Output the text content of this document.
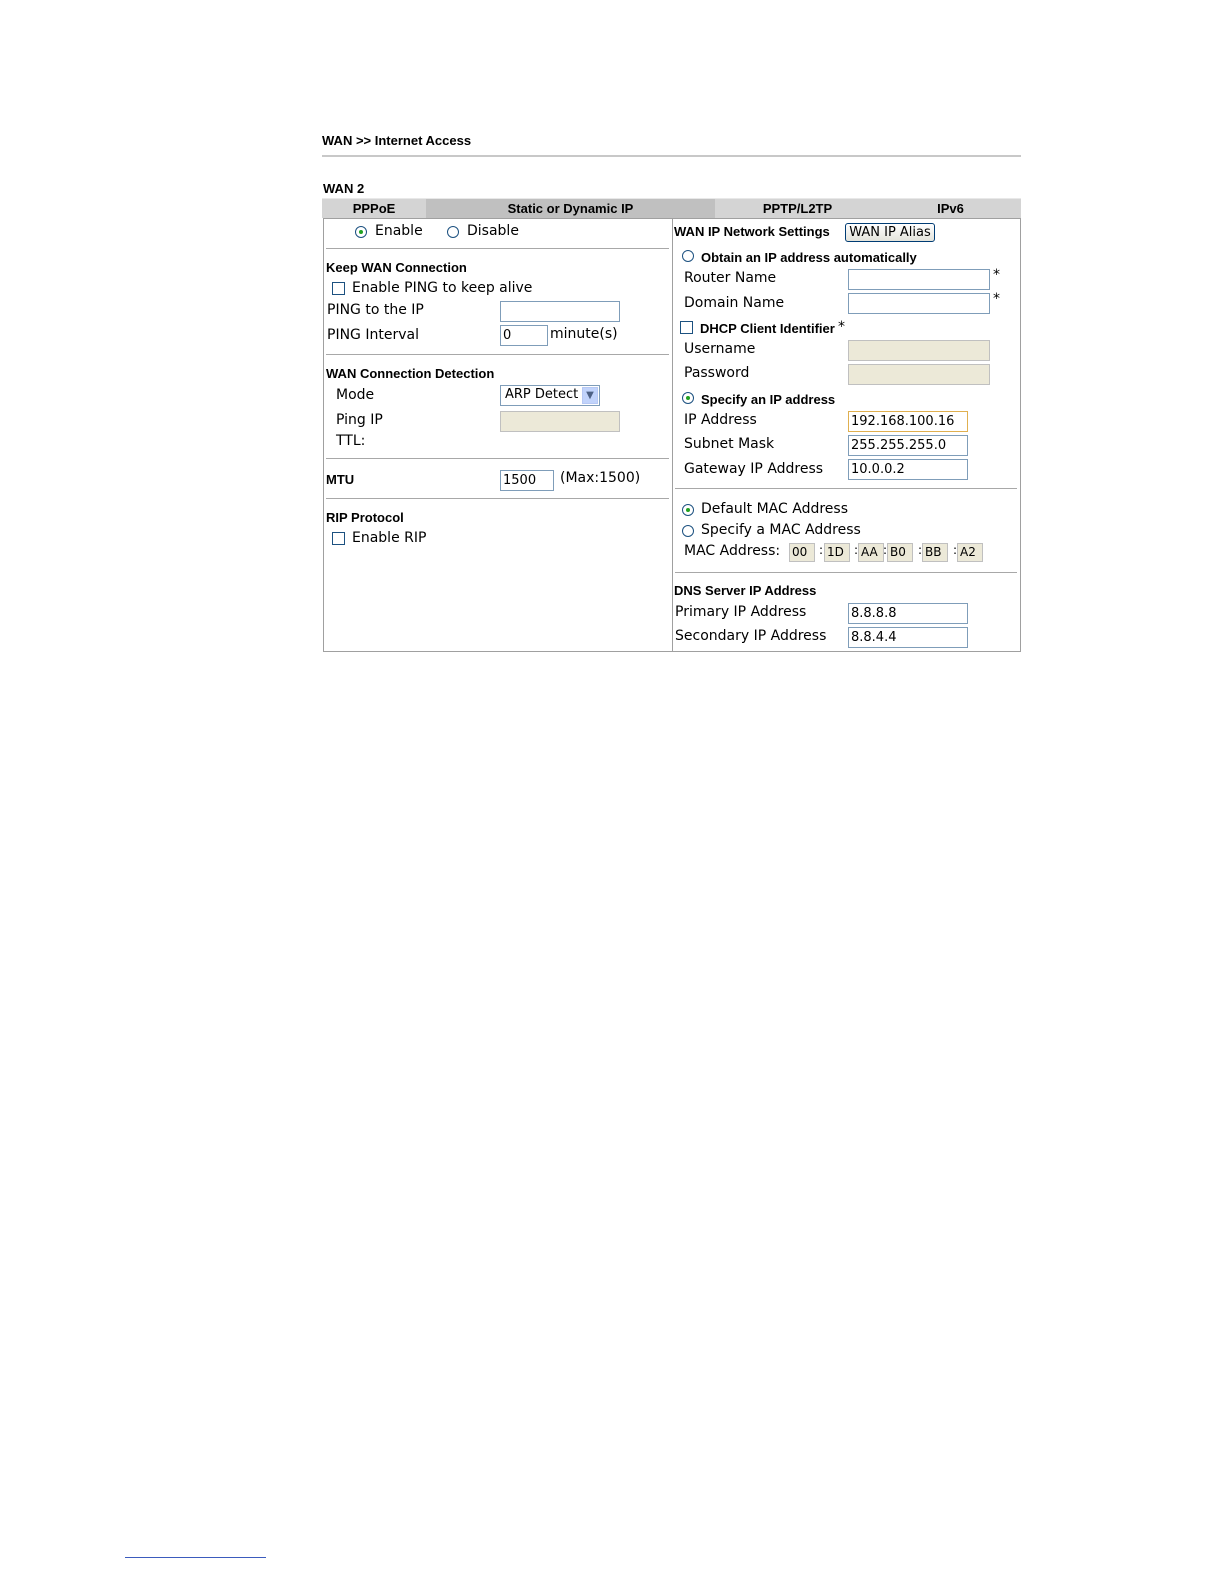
WAN >> Internet Access
WAN 2
PPPoE	Static or Dynamic IP	PPTP/L2TP	IPv6
Enable	Disable
Keep WAN Connection
Enable PING to keep alive
PING to the IP
PING Interval	0	minute(s)
WAN Connection Detection
Mode	ARP Detect ▼
Ping IP
TTL:
MTU	1500	(Max:1500)
RIP Protocol
Enable RIP
WAN IP Network Settings	WAN IP Alias
Obtain an IP address automatically
Router Name	*
Domain Name	*
DHCP Client Identifier *
Username
Password
Specify an IP address
IP Address	192.168.100.16
Subnet Mask	255.255.255.0
Gateway IP Address 10.0.0.2
Default MAC Address
Specify a MAC Address
MAC Address: 00 : 1D : AA : B0	: BB : A2
DNS Server IP Address
Primary IP Address	8.8.8.8
Secondary IP Address 8.8.4.4
